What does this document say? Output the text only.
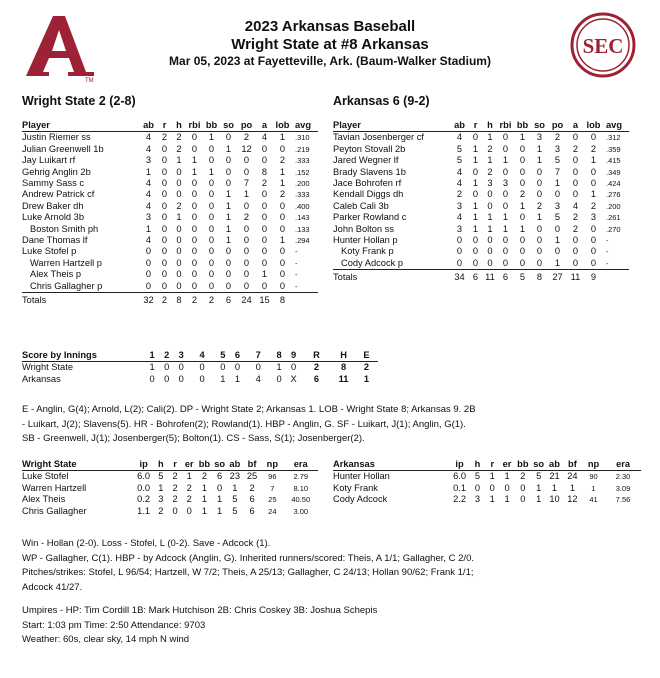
TM
SEC
2023 Arkansas Baseball
Wright State at #8 Arkansas
Mar 05, 2023 at Fayetteville, Ark. (Baum-Walker Stadium)
Wright State 2 (2-8)	Arkansas 6 (9-2)
Player	ab	r	h	rbi	bb	so	po	a	lob	avg
Justin Riemer ss	4	2	2	0	1	0	2	4	1	.310
Julian Greenwell 1b	4	0	2	0	0	1	12	0	0	.219
Jay Luikart rf	3	0	1	1	0	0	0	0	2	.333
Gehrig Anglin 2b	1	0	0	1	1	0	0	8	1	.152
Sammy Sass c	4	0	0	0	0	0	7	2	1	.200
Andrew Patrick cf	4	0	0	0	0	1	1	0	2	.333
Drew Baker dh	4	0	2	0	0	1	0	0	0	.400
Luke Arnold 3b	3	0	1	0	0	1	2	0	0	.143
Boston Smith ph	1	0	0	0	0	1	0	0	0	.133
Dane Thomas lf	4	0	0	0	0	1	0	0	1	.294
Luke Stofel p	0	0	0	0	0	0	0	0	0	-
Warren Hartzell p	0	0	0	0	0	0	0	0	0	-
Alex Theis p	0	0	0	0	0	0	0	1	0	-
Chris Gallagher p	0	0	0	0	0	0	0	0	0	-
Totals	32	2	8	2	2	6	24	15	8	
Player	ab	r	h	rbi	bb	so	po	a	lob	avg
Tavian Josenberger cf	4	0	1	0	1	3	2	0	0	.312
Peyton Stovall 2b	5	1	2	0	0	1	3	2	2	.359
Jared Wegner lf	5	1	1	1	0	1	5	0	1	.415
Brady Slavens 1b	4	0	2	0	0	0	7	0	0	.349
Jace Bohrofen rf	4	1	3	3	0	0	1	0	0	.424
Kendall Diggs dh	2	0	0	0	2	0	0	0	1	.276
Caleb Cali 3b	3	1	0	0	1	2	3	4	2	.200
Parker Rowland c	4	1	1	1	0	1	5	2	3	.261
John Bolton ss	3	1	1	1	1	0	0	2	0	.270
Hunter Hollan p	0	0	0	0	0	0	1	0	0	-
Koty Frank p	0	0	0	0	0	0	0	0	0	-
Cody Adcock p	0	0	0	0	0	0	1	0	0	-
Totals	34	6	11	6	5	8	27	11	9	
Score by Innings	1	2	3	4	5	6	7	8	9	R	H	E
Wright State	1	0	0	0	0	0	0	1	0	2	8	2
Arkansas	0	0	0	0	1	1	4	0	X	6	11	1
E - Anglin, G(4); Arnold, L(2); Cali(2). DP - Wright State 2; Arkansas 1. LOB - Wright State 8; Arkansas 9. 2B
- Luikart, J(2); Slavens(5). HR - Bohrofen(2); Rowland(1). HBP - Anglin, G. SF - Luikart, J(1); Anglin, G(1).
SB - Greenwell, J(1); Josenberger(5); Bolton(1). CS - Sass, S(1); Josenberger(2).
Wright State	ip	h	r	er	bb	so	ab	bf	np	era
Luke Stofel	6.0	5	2	1	2	6	23	25	96	2.79
Warren Hartzell	0.0	1	2	2	1	0	1	2	7	8.10
Alex Theis	0.2	3	2	2	1	1	5	6	25	40.50
Chris Gallagher	1.1	2	0	0	1	1	5	6	24	3.00
Arkansas	ip	h	r	er	bb	so	ab	bf	np	era
Hunter Hollan	6.0	5	1	1	2	5	21	24	90	2.30
Koty Frank	0.1	0	0	0	0	1	1	1	1	3.09
Cody Adcock	2.2	3	1	1	0	1	10	12	41	7.56
Win - Hollan (2-0). Loss - Stofel, L (0-2). Save - Adcock (1).
WP - Gallagher, C(1). HBP - by Adcock (Anglin, G). Inherited runners/scored: Theis, A 1/1; Gallagher, C 2/0.
Pitches/strikes: Stofel, L 96/54; Hartzell, W 7/2; Theis, A 25/13; Gallagher, C 24/13; Hollan 90/62; Frank 1/1;
Adcock 41/27.
Umpires - HP: Tim Cordill 1B: Mark Hutchison 2B: Chris Coskey 3B: Joshua Schepis
Start: 1:03 pm Time: 2:50 Attendance: 9703
Weather: 60s, clear sky, 14 mph N wind
